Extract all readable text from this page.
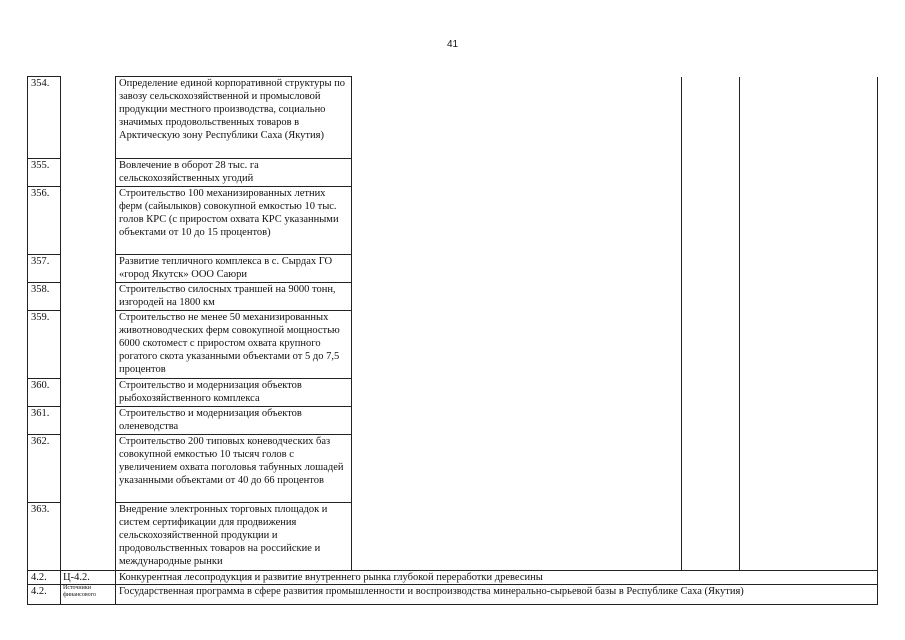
41
354.		Определение единой корпоративной структуры по завозу сельскохозяйственной и промысловой продукции местного производства, социально значимых продовольственных товаров в Арктическую зону Республики Саха (Якутия)			
355.		Вовлечение в оборот 28 тыс. га сельскохозяйственных угодий			
356.		Строительство 100 механизированных летних ферм (сайылыков) совокупной емкостью 10 тыс. голов КРС (с приростом охвата КРС указанными объектами от 10 до 15 процентов)			
357.		Развитие тепличного комплекса в с. Сырдах ГО «город Якутск» ООО Саюри			
358.		Строительство силосных траншей на 9000 тонн, изгородей на 1800 км			
359.		Строительство не менее 50 механизированных животноводческих ферм совокупной мощностью 6000 скотомест с приростом охвата крупного рогатого скота указанными объектами от 5 до 7,5 процентов			
360.		Строительство и модернизация объектов рыбохозяйственного комплекса			
361.		Строительство и модернизация объектов оленеводства			
362.		Строительство 200 типовых коневодческих баз совокупной емкостью 10 тысяч голов с увеличением охвата поголовья табунных лошадей указанными объектами от 40 до 66 процентов			
363.		Внедрение электронных торговых площадок и систем сертификации для продвижения сельскохозяйственной продукции и продовольственных товаров на российские и международные рынки			
4.2.	Ц-4.2.	Конкурентная лесопродукция и развитие внутреннего рынка глубокой переработки древесины			
4.2.	Источники финансового	Государственная программа в сфере развития промышленности и воспроизводства минерально-сырьевой базы в Республике Саха (Якутия)			
